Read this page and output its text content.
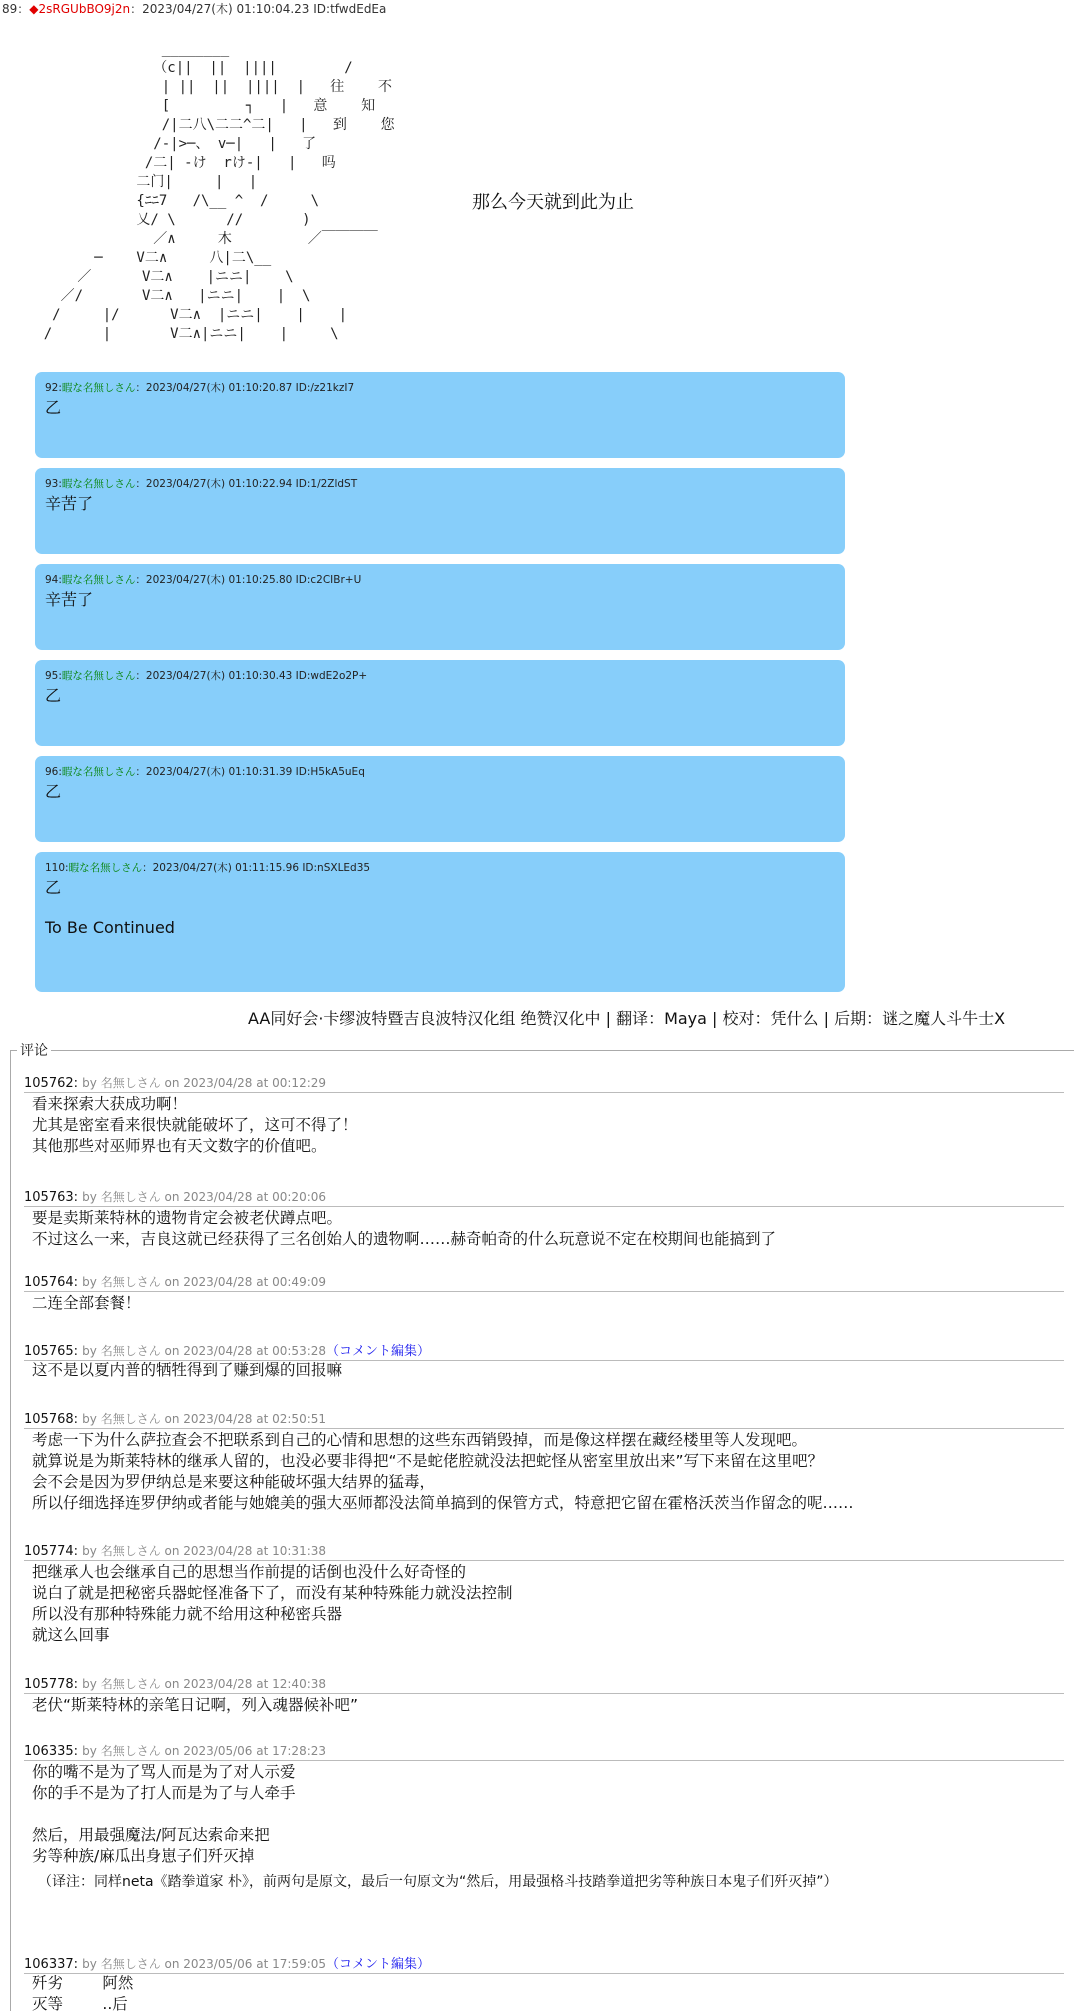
89：◆2sRGUbBO9j2n：2023/04/27(木) 01:10:04.23 ID:tfwdEdEa
________
（c||  ||  ||||        /
| ||  ||  ||||  |   往    不
[         ┐   |   意    知
/|二八\二二^二|   |   到    您
/-|>─、 v─|   |   了
/二| -け  rけ-|   |   吗
二门|     |   |
{ﾆﾆ7   /\__ ^  /     \
乂/ \      //       )
／∧     木         ／￣￣￣￣
─    V二∧     八|二\__
／      V二∧    |ニニ|    \
／/       V二∧   |ニニ|    |  \
/     |/      V二∧  |ニニ|    |    |
/      |       V二∧|ニニ|    |     \
那么今天就到此为止
92:暇な名無しさん：2023/04/27(木) 01:10:20.87 ID:/z21kzI7
乙
93:暇な名無しさん：2023/04/27(木) 01:10:22.94 ID:1/2ZldST
辛苦了
94:暇な名無しさん：2023/04/27(木) 01:10:25.80 ID:c2CIBr+U
辛苦了
95:暇な名無しさん：2023/04/27(木) 01:10:30.43 ID:wdE2o2P+
乙
96:暇な名無しさん：2023/04/27(木) 01:10:31.39 ID:H5kA5uEq
乙
110:暇な名無しさん：2023/04/27(木) 01:11:15.96 ID:nSXLEd35
乙

To Be Continued
AA同好会·卡缪波特暨吉良波特汉化组 绝赞汉化中 | 翻译：Maya | 校对：凭什么 | 后期：谜之魔人斗牛士X
评论
105762: by 名無しさん on 2023/04/28 at 00:12:29
看来探索大获成功啊！
尤其是密室看来很快就能破坏了，这可不得了！
其他那些对巫师界也有天文数字的价值吧。
105763: by 名無しさん on 2023/04/28 at 00:20:06
要是卖斯莱特林的遗物肯定会被老伏蹲点吧。
不过这么一来，吉良这就已经获得了三名创始人的遗物啊……赫奇帕奇的什么玩意说不定在校期间也能搞到了
105764: by 名無しさん on 2023/04/28 at 00:49:09
二连全部套餐！
105765: by 名無しさん on 2023/04/28 at 00:53:28（コメント編集）
这不是以夏内普的牺牲得到了赚到爆的回报嘛
105768: by 名無しさん on 2023/04/28 at 02:50:51
考虑一下为什么萨拉查会不把联系到自己的心情和思想的这些东西销毁掉，而是像这样摆在藏经楼里等人发现吧。
就算说是为斯莱特林的继承人留的，也没必要非得把“不是蛇佬腔就没法把蛇怪从密室里放出来”写下来留在这里吧？
会不会是因为罗伊纳总是来要这种能破坏强大结界的猛毒，
所以仔细选择连罗伊纳或者能与她媲美的强大巫师都没法简单搞到的保管方式，特意把它留在霍格沃茨当作留念的呢……
105774: by 名無しさん on 2023/04/28 at 10:31:38
把继承人也会继承自己的思想当作前提的话倒也没什么好奇怪的
说白了就是把秘密兵器蛇怪准备下了，而没有某种特殊能力就没法控制
所以没有那种特殊能力就不给用这种秘密兵器
就这么回事
105778: by 名無しさん on 2023/04/28 at 12:40:38
老伏“斯莱特林的亲笔日记啊，列入魂器候补吧”
106335: by 名無しさん on 2023/05/06 at 17:28:23
你的嘴不是为了骂人而是为了对人示爱
你的手不是为了打人而是为了与人牵手

然后，用最强魔法/阿瓦达索命来把
劣等种族/麻瓜出身崽子们歼灭掉
（译注：同样neta《踏拳道家 朴》，前两句是原文，最后一句原文为“然后，用最强格斗技踏拳道把劣等种族日本鬼子们歼灭掉”）
106337: by 名無しさん on 2023/05/06 at 17:59:05（コメント編集）
歼劣        阿然
灭等        ..后
